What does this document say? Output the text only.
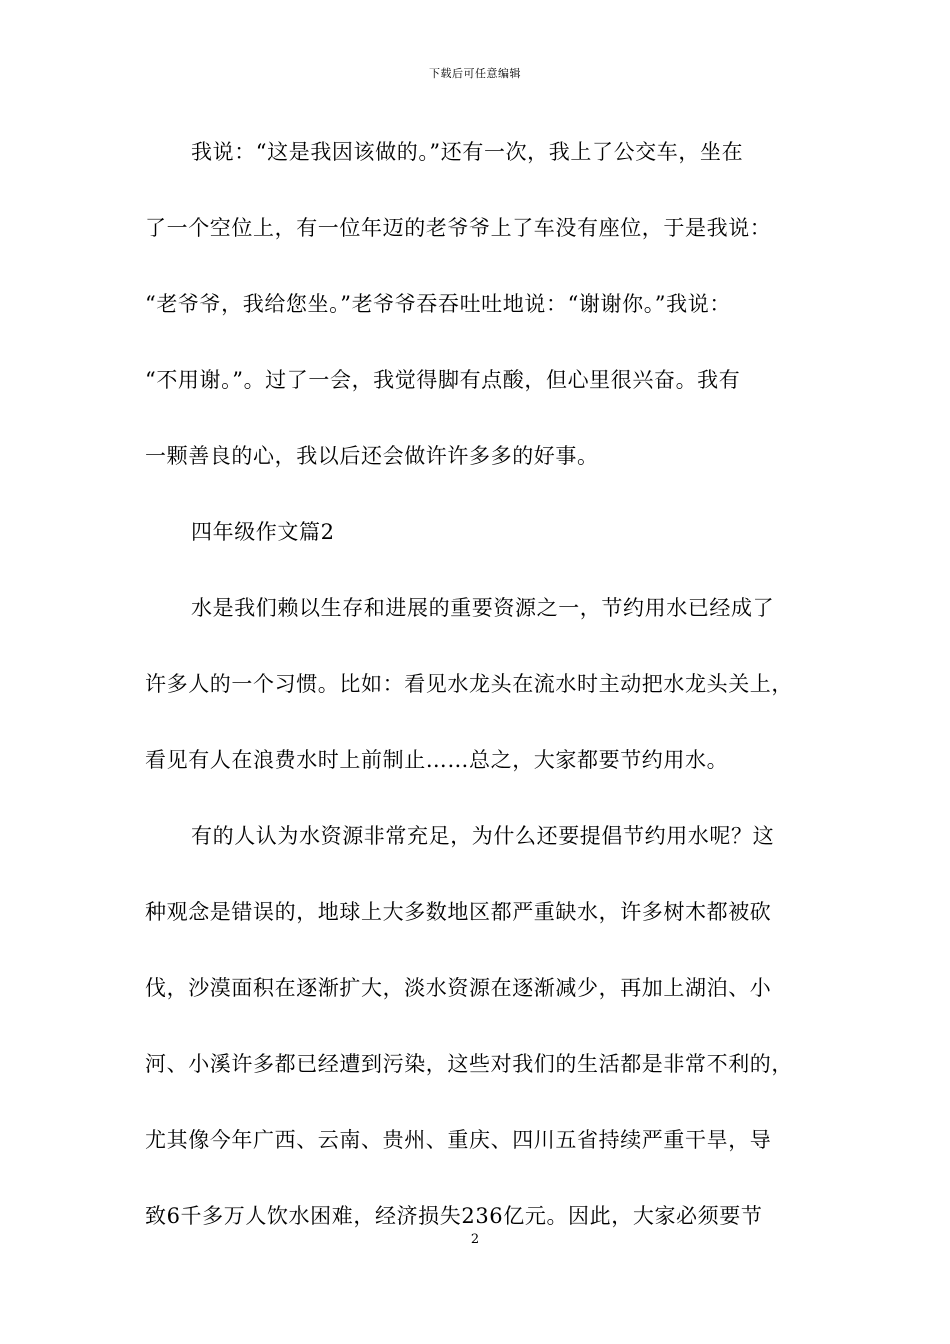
下载后可任意编辑
我说：“这是我因该做的。”还有一次，我上了公交车，坐在
了一个空位上，有一位年迈的老爷爷上了车没有座位，于是我说：
“老爷爷，我给您坐。”老爷爷吞吞吐吐地说：“谢谢你。”我说：
“不用谢。”。过了一会，我觉得脚有点酸，但心里很兴奋。我有
一颗善良的心，我以后还会做许许多多的好事。
四年级作文篇2
水是我们赖以生存和进展的重要资源之一，节约用水已经成了
许多人的一个习惯。比如：看见水龙头在流水时主动把水龙头关上，
看见有人在浪费水时上前制止……总之，大家都要节约用水。
有的人认为水资源非常充足，为什么还要提倡节约用水呢？这
种观念是错误的，地球上大多数地区都严重缺水，许多树木都被砍
伐，沙漠面积在逐渐扩大，淡水资源在逐渐减少，再加上湖泊、小
河、小溪许多都已经遭到污染，这些对我们的生活都是非常不利的，
尤其像今年广西、云南、贵州、重庆、四川五省持续严重干旱，导
致6千多万人饮水困难，经济损失236亿元。因此，大家必须要节
2
